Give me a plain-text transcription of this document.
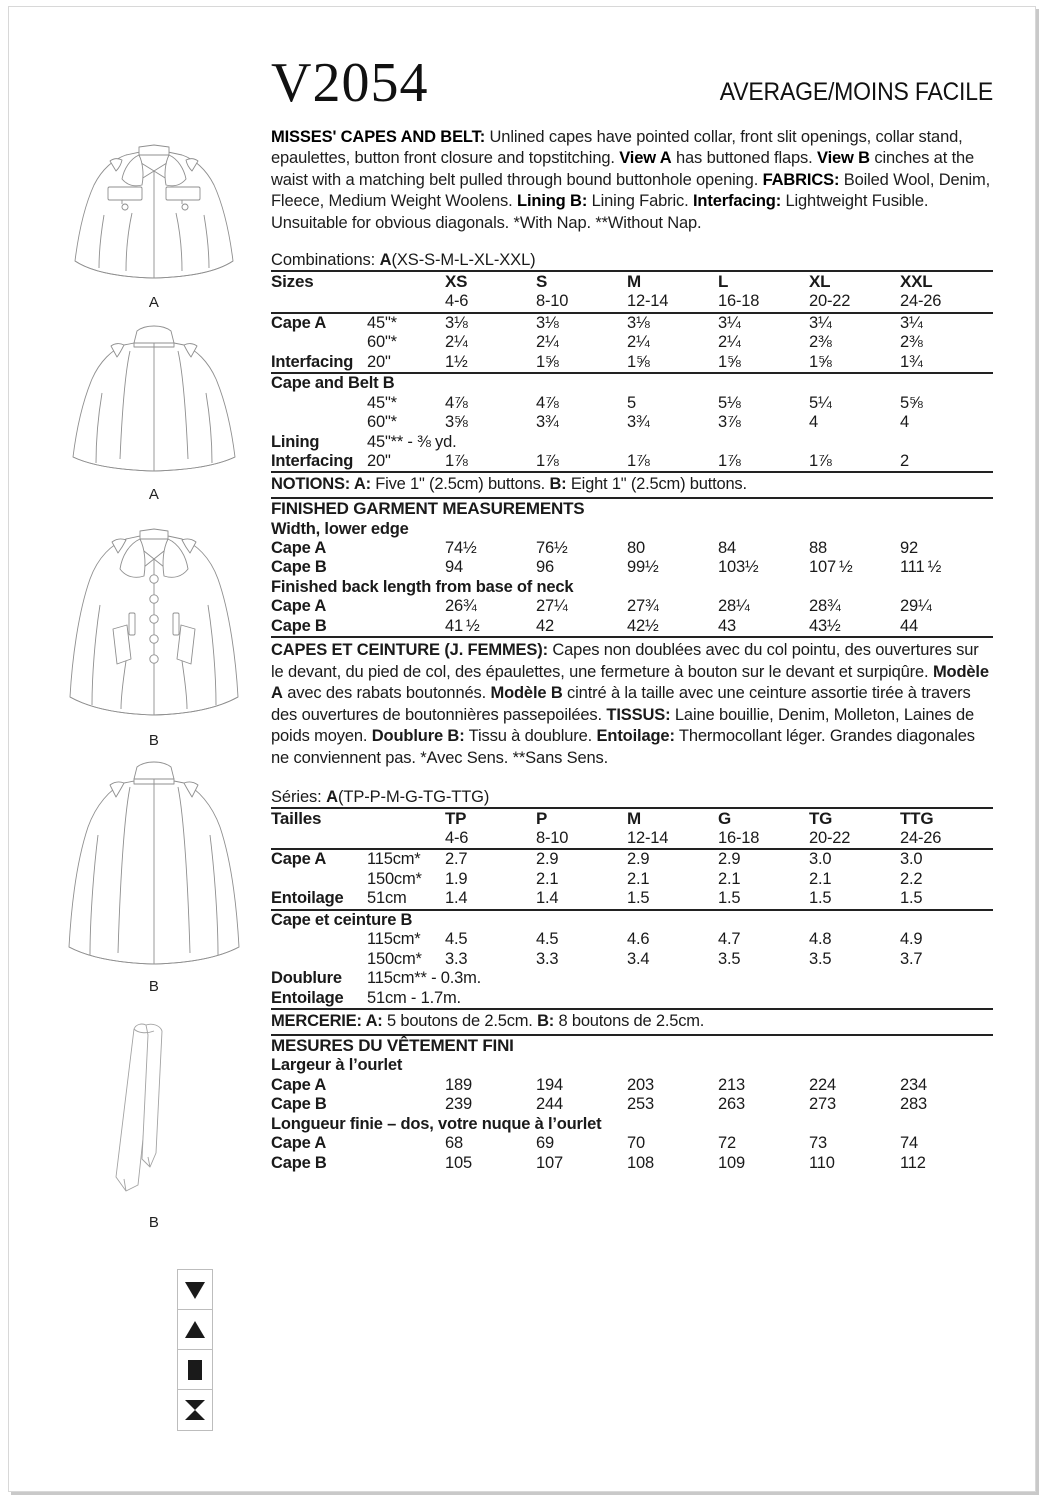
A
A
B
B
B
V2054	AVERAGE/MOINS FACILE
MISSES' CAPES AND BELT: Unlined capes have pointed collar, front slit openings, collar stand, epaulettes, button front closure and topstitching. View A has buttoned flaps. View B cinches at the waist with a matching belt pulled through bound buttonhole opening. FABRICS: Boiled Wool, Denim, Fleece, Medium Weight Woolens. Lining B: Lining Fabric. Interfacing: Lightweight Fusible. Unsuitable for obvious diagonals. *With Nap. **Without Nap.
Combinations: A(XS-S-M-L-XL-XXL)
Sizes		XS	S	M	L	XL	XXL
		4-6	8-10	12-14	16-18	20-22	24-26
Cape A	45"*	3⅛	3⅛	3⅛	3¼	3¼	3¼
	60"*	2¼	2¼	2¼	2¼	2⅜	2⅜
Interfacing	20"	1½	1⅝	1⅝	1⅝	1⅝	1¾
Cape and Belt B							
	45"*	4⅞	4⅞	5	5⅛	5¼	5⅝
	60"*	3⅝	3¾	3¾	3⅞	4	4
Lining	45"** - ⅜ yd.						
Interfacing	20"	1⅞	1⅞	1⅞	1⅞	1⅞	2
NOTIONS: A: Five 1" (2.5cm) buttons. B: Eight 1" (2.5cm) buttons.
FINISHED GARMENT MEASUREMENTS							
Width, lower edge							
Cape A		74½	76½	80	84	88	92
Cape B		94	96	99½	103½	107 ½	111 ½
Finished back length from base of neck							
Cape A		26¾	27¼	27¾	28¼	28¾	29¼
Cape B		41 ½	42	42½	43	43½	44
CAPES ET CEINTURE (J. FEMMES): Capes non doublées avec du col pointu, des ouvertures sur le devant, du pied de col, des épaulettes, une fermeture à bouton sur le devant et surpiqûre. Modèle A avec des rabats boutonnés. Modèle B cintré à la taille avec une ceinture assortie tirée à travers des ouvertures de boutonnières passepoilées. TISSUS: Laine bouillie, Denim, Molleton, Laines de poids moyen. Doublure B: Tissu à doublure. Entoilage: Thermocollant léger. Grandes diagonales ne conviennent pas. *Avec Sens. **Sans Sens.
Séries: A(TP-P-M-G-TG-TTG)
Tailles		TP	P	M	G	TG	TTG
		4-6	8-10	12-14	16-18	20-22	24-26
Cape A	115cm*	2.7	2.9	2.9	2.9	3.0	3.0
	150cm*	1.9	2.1	2.1	2.1	2.1	2.2
Entoilage	51cm	1.4	1.4	1.5	1.5	1.5	1.5
Cape et ceinture B							
	115cm*	4.5	4.5	4.6	4.7	4.8	4.9
	150cm*	3.3	3.3	3.4	3.5	3.5	3.7
Doublure	115cm** - 0.3m.						
Entoilage	51cm - 1.7m.						
MERCERIE: A: 5 boutons de 2.5cm. B: 8 boutons de 2.5cm.
MESURES DU VÊTEMENT FINI							
Largeur à l’ourlet							
Cape A		189	194	203	213	224	234
Cape B		239	244	253	263	273	283
Longueur finie – dos, votre nuque à l’ourlet							
Cape A		68	69	70	72	73	74
Cape B		105	107	108	109	110	112
